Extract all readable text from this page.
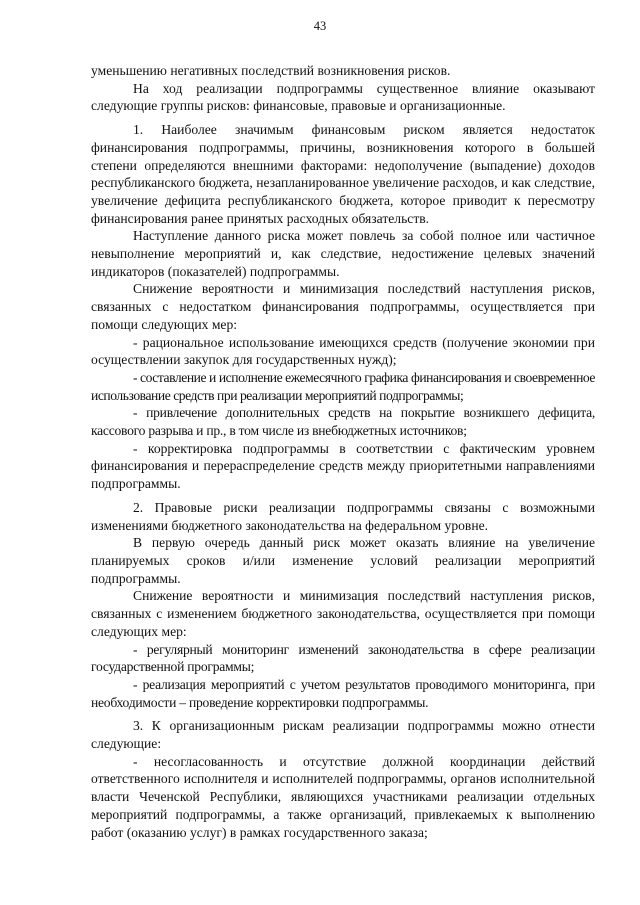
43

уменьшению негативных последствий возникновения рисков.

На ход реализации подпрограммы существенное влияние оказывают следующие группы рисков: финансовые, правовые и организационные.

1. Наиболее значимым финансовым риском является недостаток финансирования подпрограммы, причины, возникновения которого в большей степени определяются внешними факторами: недополучение (выпадение) доходов республиканского бюджета, незапланированное увеличение расходов, и как следствие, увеличение дефицита республиканского бюджета, которое приводит к пересмотру финансирования ранее принятых расходных обязательств.

Наступление данного риска может повлечь за собой полное или частичное невыполнение мероприятий и, как следствие, недостижение целевых значений индикаторов (показателей) подпрограммы.

Снижение вероятности и минимизация последствий наступления рисков, связанных с недостатком финансирования подпрограммы, осуществляется при помощи следующих мер:

- рациональное использование имеющихся средств (получение экономии при осуществлении закупок для государственных нужд);

- составление и исполнение ежемесячного графика финансирования и своевременное использование средств при реализации мероприятий подпрограммы;

- привлечение дополнительных средств на покрытие возникшего дефицита, кассового разрыва и пр., в том числе из внебюджетных источников;

- корректировка подпрограммы в соответствии с фактическим уровнем финансирования и перераспределение средств между приоритетными направлениями подпрограммы.

2. Правовые риски реализации подпрограммы связаны с возможными изменениями бюджетного законодательства на федеральном уровне.

В первую очередь данный риск может оказать влияние на увеличение планируемых сроков и/или изменение условий реализации мероприятий подпрограммы.

Снижение вероятности и минимизация последствий наступления рисков, связанных с изменением бюджетного законодательства, осуществляется при помощи следующих мер:

- регулярный мониторинг изменений законодательства в сфере реализации государственной программы;

- реализация мероприятий с учетом результатов проводимого мониторинга, при необходимости – проведение корректировки подпрограммы.

3. К организационным рискам реализации подпрограммы можно отнести следующие:

- несогласованность и отсутствие должной координации действий ответственного исполнителя и исполнителей подпрограммы, органов исполнительной власти Чеченской Республики, являющихся участниками реализации отдельных мероприятий подпрограммы, а также организаций, привлекаемых к выполнению работ (оказанию услуг) в рамках государственного заказа;
